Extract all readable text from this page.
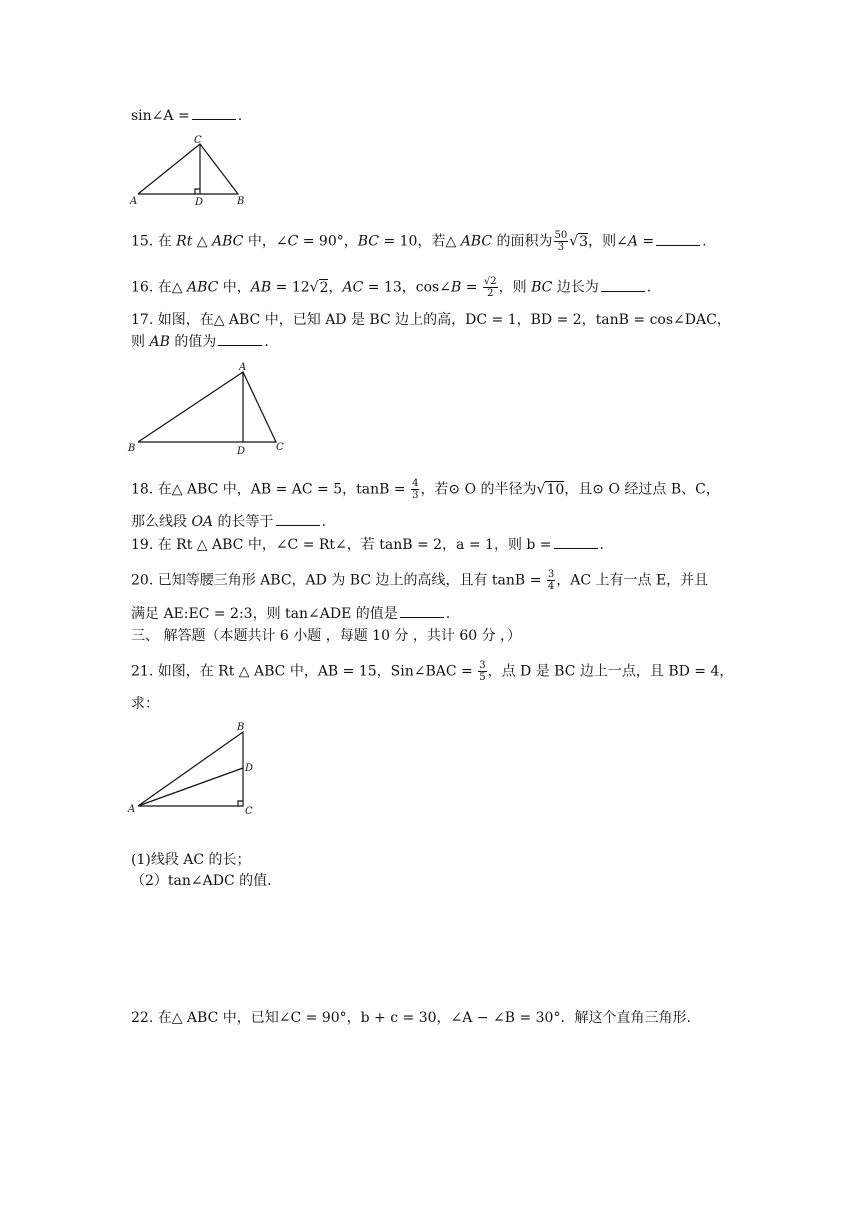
sin∠A =	.
C
A	D	B
15. 在 Rt △ ABC 中，∠C = 90°，BC = 10，若△ ABC 的面积为 $\frac{50}{3} √3$，则∠A =	.
16. 在△ ABC 中，AB = 12√2，AC = 13，cos∠B = $\frac{√2}{2}$ ，则 BC 边长为	.
17. 如图，在△ ABC 中，已知 AD 是 BC 边上的高，DC = 1，BD = 2，tanB = cos∠DAC，
则 AB 的值为	.
A
B	D	C
18. 在△ ABC 中，AB = AC = 5，$\tan B = \frac{4}{3}$ ，若⊙ O 的半径为√10，且⊙ O 经过点 B、C，
那么线段 OA 的长等于	.
19. 在 Rt △ ABC 中，∠C = Rt∠，若 tanB = 2，a = 1，则 b =	.
20. 已知等腰三角形 ABC，AD 为 BC 边上的高线，且有 $\tan B = \frac{3}{4}$ ，AC 上有一点 E，并且
满足 AE:EC = 2:3，则 tan∠ADE 的值是	.
三、 解答题（本题共计 6 小题 ，每题 10 分 ，共计 60 分 ，）
21. 如图，在 Rt △ ABC 中，AB = 15，Sin∠BAC = $\frac{3}{5}$ ，点 D 是 BC 边上一点，且 BD = 4，
求：
B
D
A	C
(1)线段 AC 的长；
（2）tan∠ADC 的值.
22. 在△ ABC 中，已知∠C = 90°，b + c = 30，∠A − ∠B = 30°．解这个直角三角形.
